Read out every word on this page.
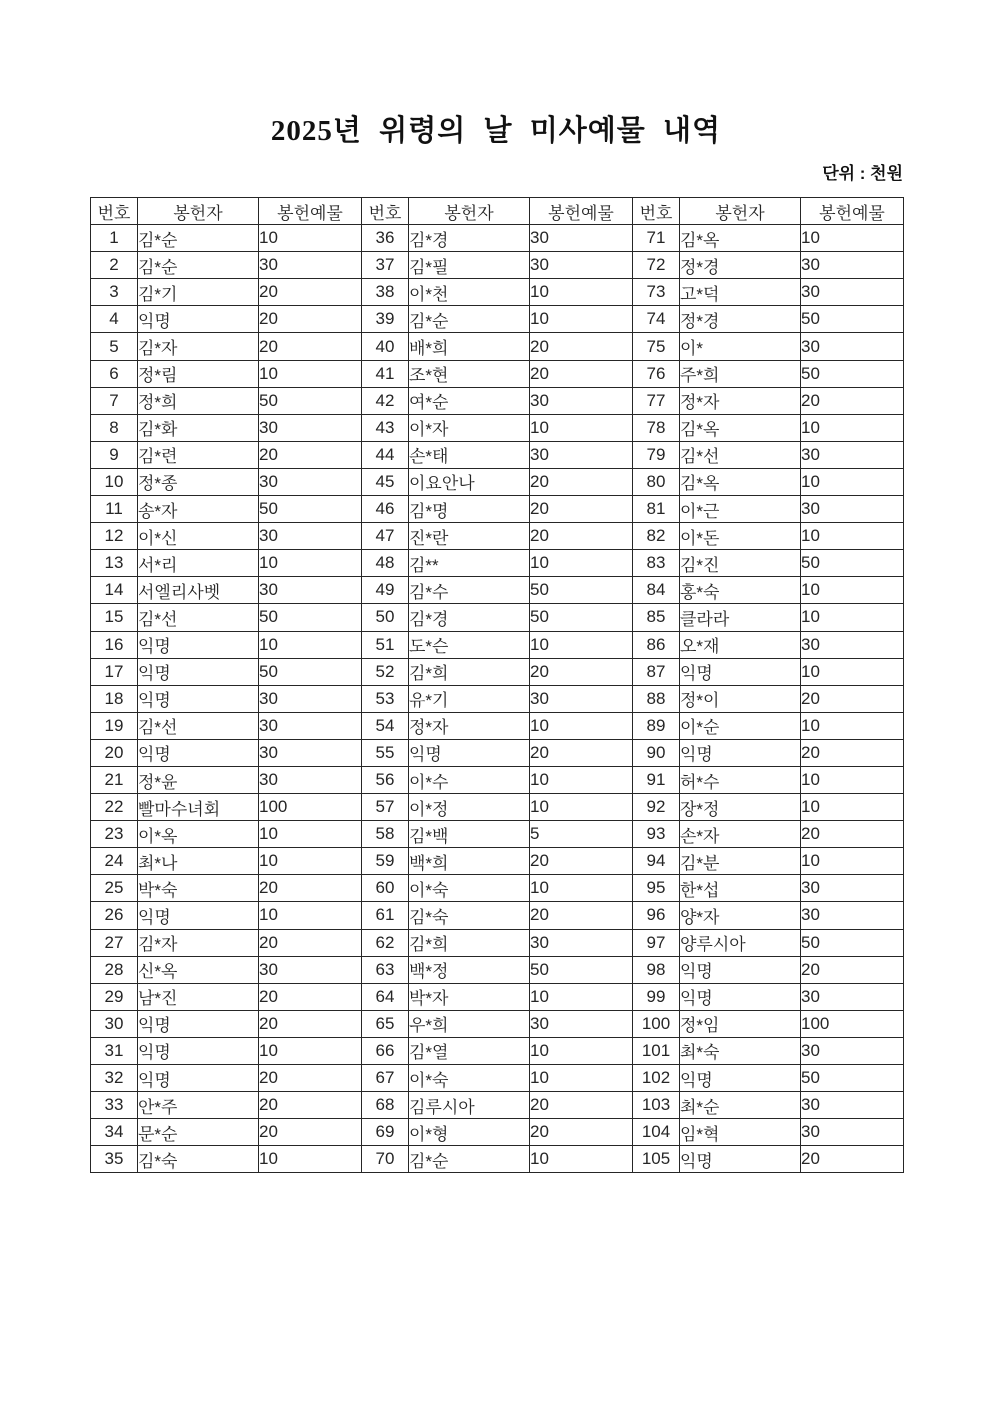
2025년 위령의 날 미사예물 내역
단위 : 천원
번호	봉헌자	봉헌예물	번호	봉헌자	봉헌예물	번호	봉헌자	봉헌예물
1	김*순	10	36	김*경	30	71	김*옥	10
2	김*순	30	37	김*필	30	72	정*경	30
3	김*기	20	38	이*천	10	73	고*덕	30
4	익명	20	39	김*순	10	74	정*경	50
5	김*자	20	40	배*희	20	75	이*	30
6	정*림	10	41	조*현	20	76	주*희	50
7	정*희	50	42	여*순	30	77	정*자	20
8	김*화	30	43	이*자	10	78	김*옥	10
9	김*련	20	44	손*태	30	79	김*선	30
10	정*종	30	45	이요안나	20	80	김*옥	10
11	송*자	50	46	김*명	20	81	이*근	30
12	이*신	30	47	진*란	20	82	이*돈	10
13	서*리	10	48	김**	10	83	김*진	50
14	서엘리사벳	30	49	김*수	50	84	홍*숙	10
15	김*선	50	50	김*경	50	85	클라라	10
16	익명	10	51	도*슨	10	86	오*재	30
17	익명	50	52	김*희	20	87	익명	10
18	익명	30	53	유*기	30	88	정*이	20
19	김*선	30	54	정*자	10	89	이*순	10
20	익명	30	55	익명	20	90	익명	20
21	정*윤	30	56	이*수	10	91	허*수	10
22	빨마수녀회	100	57	이*정	10	92	장*정	10
23	이*옥	10	58	김*백	5	93	손*자	20
24	최*나	10	59	백*희	20	94	김*분	10
25	박*숙	20	60	이*숙	10	95	한*섭	30
26	익명	10	61	김*숙	20	96	양*자	30
27	김*자	20	62	김*희	30	97	양루시아	50
28	신*옥	30	63	백*정	50	98	익명	20
29	남*진	20	64	박*자	10	99	익명	30
30	익명	20	65	우*희	30	100	정*임	100
31	익명	10	66	김*열	10	101	최*숙	30
32	익명	20	67	이*숙	10	102	익명	50
33	안*주	20	68	김루시아	20	103	최*순	30
34	문*순	20	69	이*형	20	104	임*혁	30
35	김*숙	10	70	김*순	10	105	익명	20
